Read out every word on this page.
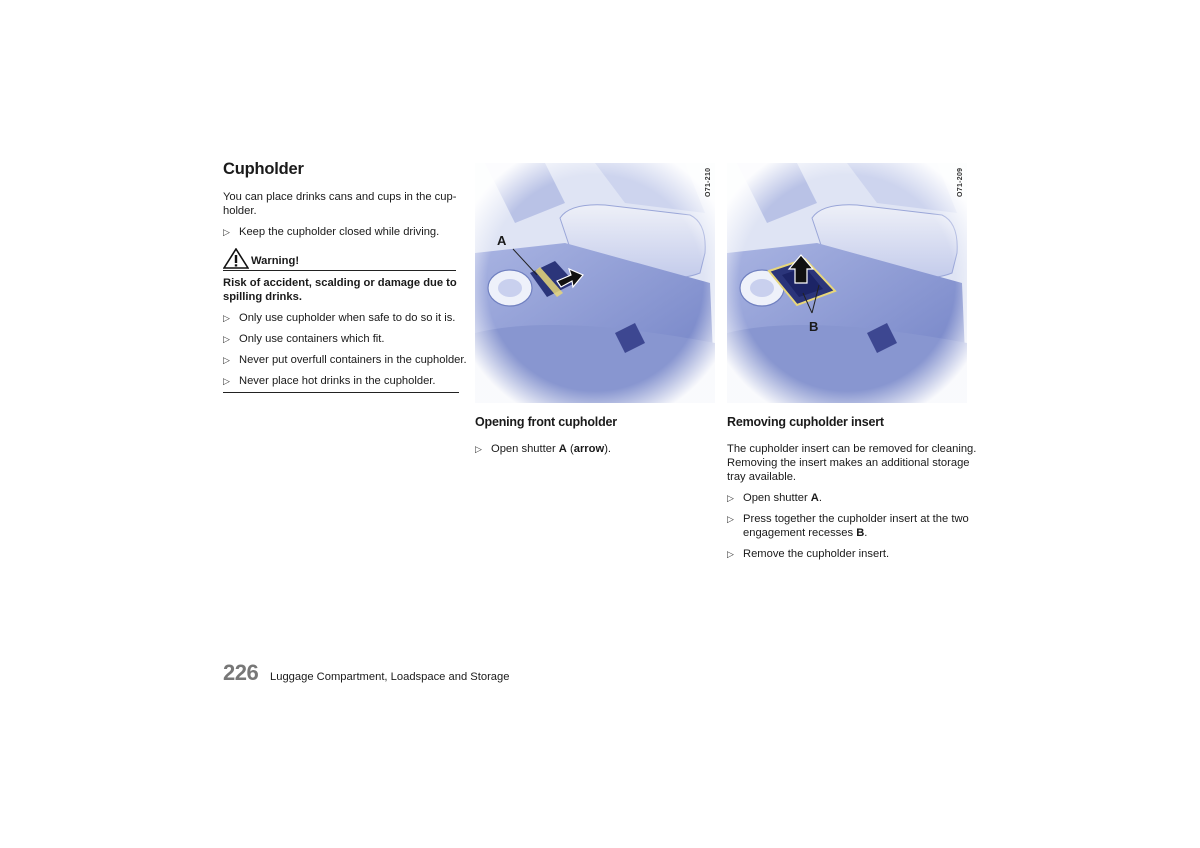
Cupholder
You can place drinks cans and cups in the cup-
holder.
▷ Keep the cupholder closed while driving.
Warning!
Risk of accident, scalding or damage due to
spilling drinks.
▷ Only use cupholder when safe to do so it is.
▷ Only use containers which fit.
▷ Never put overfull containers in the cupholder.
▷ Never place hot drinks in the cupholder.
A
O71-210
B
O71-209
Opening front cupholder
▷ Open shutter A (arrow).
Removing cupholder insert
The cupholder insert can be removed for cleaning.
Removing the insert makes an additional storage
tray available.
▷ Open shutter A.
▷ Press together the cupholder insert at the two
engagement recesses B.
▷ Remove the cupholder insert.
226 Luggage Compartment, Loadspace and Storage
